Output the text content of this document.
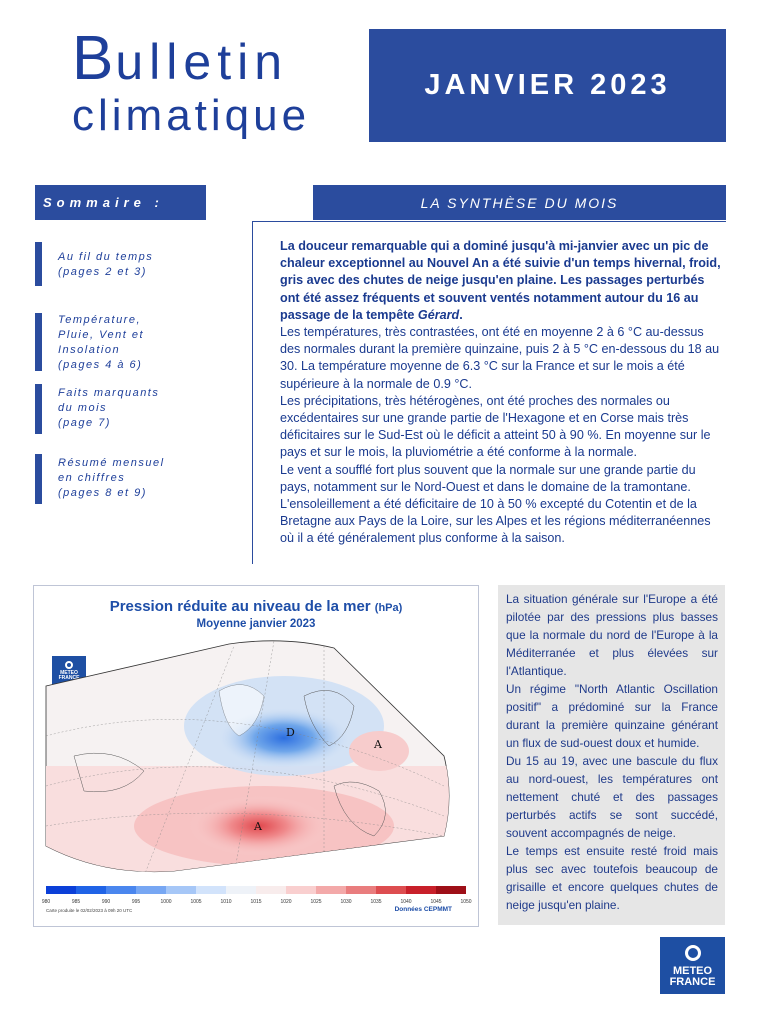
Bulletin
climatique
JANVIER 2023
Sommaire :	LA SYNTHÈSE DU MOIS
Au fil du temps
(pages 2 et 3)
Température,
Pluie, Vent et
Insolation
(pages 4 à 6)
Faits marquants
du mois
(page 7)
Résumé mensuel
en chiffres
(pages 8 et 9)

La douceur remarquable qui a dominé jusqu'à mi-janvier avec un pic de chaleur exceptionnel au Nouvel An a été suivie d'un temps hivernal, froid, gris avec des chutes de neige jusqu'en plaine. Les passages perturbés ont été assez fréquents et souvent ventés notamment autour du 16 au passage de la tempête Gérard.

Les températures, très contrastées, ont été en moyenne 2 à 6 °C au-dessus des normales durant la première quinzaine, puis 2 à 5 °C en-dessous du 18 au 30. La température moyenne de 6.3 °C sur la France et sur le mois a été supérieure à la normale de 0.9 °C.

Les précipitations, très hétérogènes, ont été proches des normales ou excédentaires sur une grande partie de l'Hexagone et en Corse mais très déficitaires sur le Sud-Est où le déficit a atteint 50 à 90 %. En moyenne sur le pays et sur le mois, la pluviométrie a été conforme à la normale.

Le vent a soufflé fort plus souvent que la normale sur une grande partie du pays, notamment sur le Nord-Ouest et dans le domaine de la tramontane.

L'ensoleillement a été déficitaire de 10 à 50 % excepté du Cotentin et de la Bretagne aux Pays de la Loire, sur les Alpes et les régions méditerranéennes où il a été généralement plus conforme à la saison.

Pression réduite au niveau de la mer (hPa)
Moyenne janvier 2023
METEO
FRANCE
D
A
A
980	985	990	995	1000	1005	1010	1015	1020	1025	1030	1035	1040	1045	1050
Carte produite le 02/02/2023 à 09h 20 UTC	Données CEPMMT

La situation générale sur l'Europe a été pilotée par des pressions plus basses que la normale du nord de l'Europe à la Méditerranée et plus élevées sur l'Atlantique.

Un régime "North Atlantic Oscillation positif" a prédominé sur la France durant la première quinzaine générant un flux de sud-ouest doux et humide.

Du 15 au 19, avec une bascule du flux au nord-ouest, les températures ont nettement chuté et des passages perturbés actifs se sont succédé, souvent accompagnés de neige.

Le temps est ensuite resté froid mais plus sec avec toutefois beaucoup de grisaille et encore quelques chutes de neige jusqu'en plaine.

METEO
FRANCE
